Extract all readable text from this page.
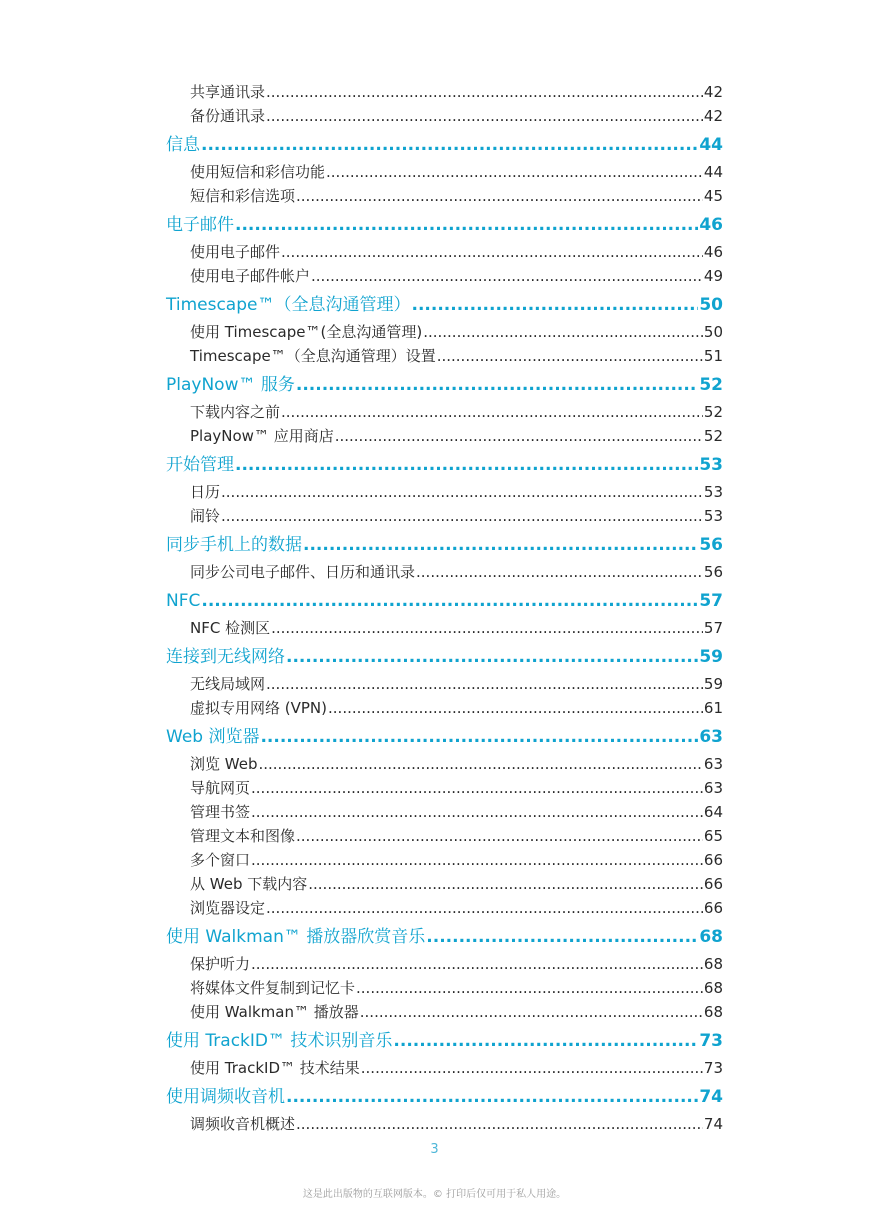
共享通讯录 .....	42
备份通讯录 .....	42
信息 .....	44
使用短信和彩信功能 .....	44
短信和彩信选项 .....	45
电子邮件 .....	46
使用电子邮件 .....	46
使用电子邮件帐户 .....	49
Timescape™（全息沟通管理） .....	50
使用 Timescape™(全息沟通管理) .....	50
Timescape™（全息沟通管理）设置 .....	51
PlayNow™ 服务 .....	52
下载内容之前 .....	52
PlayNow™ 应用商店 .....	52
开始管理 .....	53
日历 .....	53
闹铃 .....	53
同步手机上的数据 .....	56
同步公司电子邮件、日历和通讯录 .....	56
NFC .....	57
NFC 检测区 .....	57
连接到无线网络 .....	59
无线局域网 .....	59
虚拟专用网络 (VPN) .....	61
Web 浏览器 .....	63
浏览 Web .....	63
导航网页 .....	63
管理书签 .....	64
管理文本和图像 .....	65
多个窗口 .....	66
从 Web 下载内容 .....	66
浏览器设定 .....	66
使用 Walkman™ 播放器欣赏音乐 .....	68
保护听力 .....	68
将媒体文件复制到记忆卡 .....	68
使用 Walkman™ 播放器 .....	68
使用 TrackID™ 技术识别音乐 .....	73
使用 TrackID™ 技术结果 .....	73
使用调频收音机 .....	74
调频收音机概述 .....	74
3
这是此出版物的互联网版本。© 打印后仅可用于私人用途。
